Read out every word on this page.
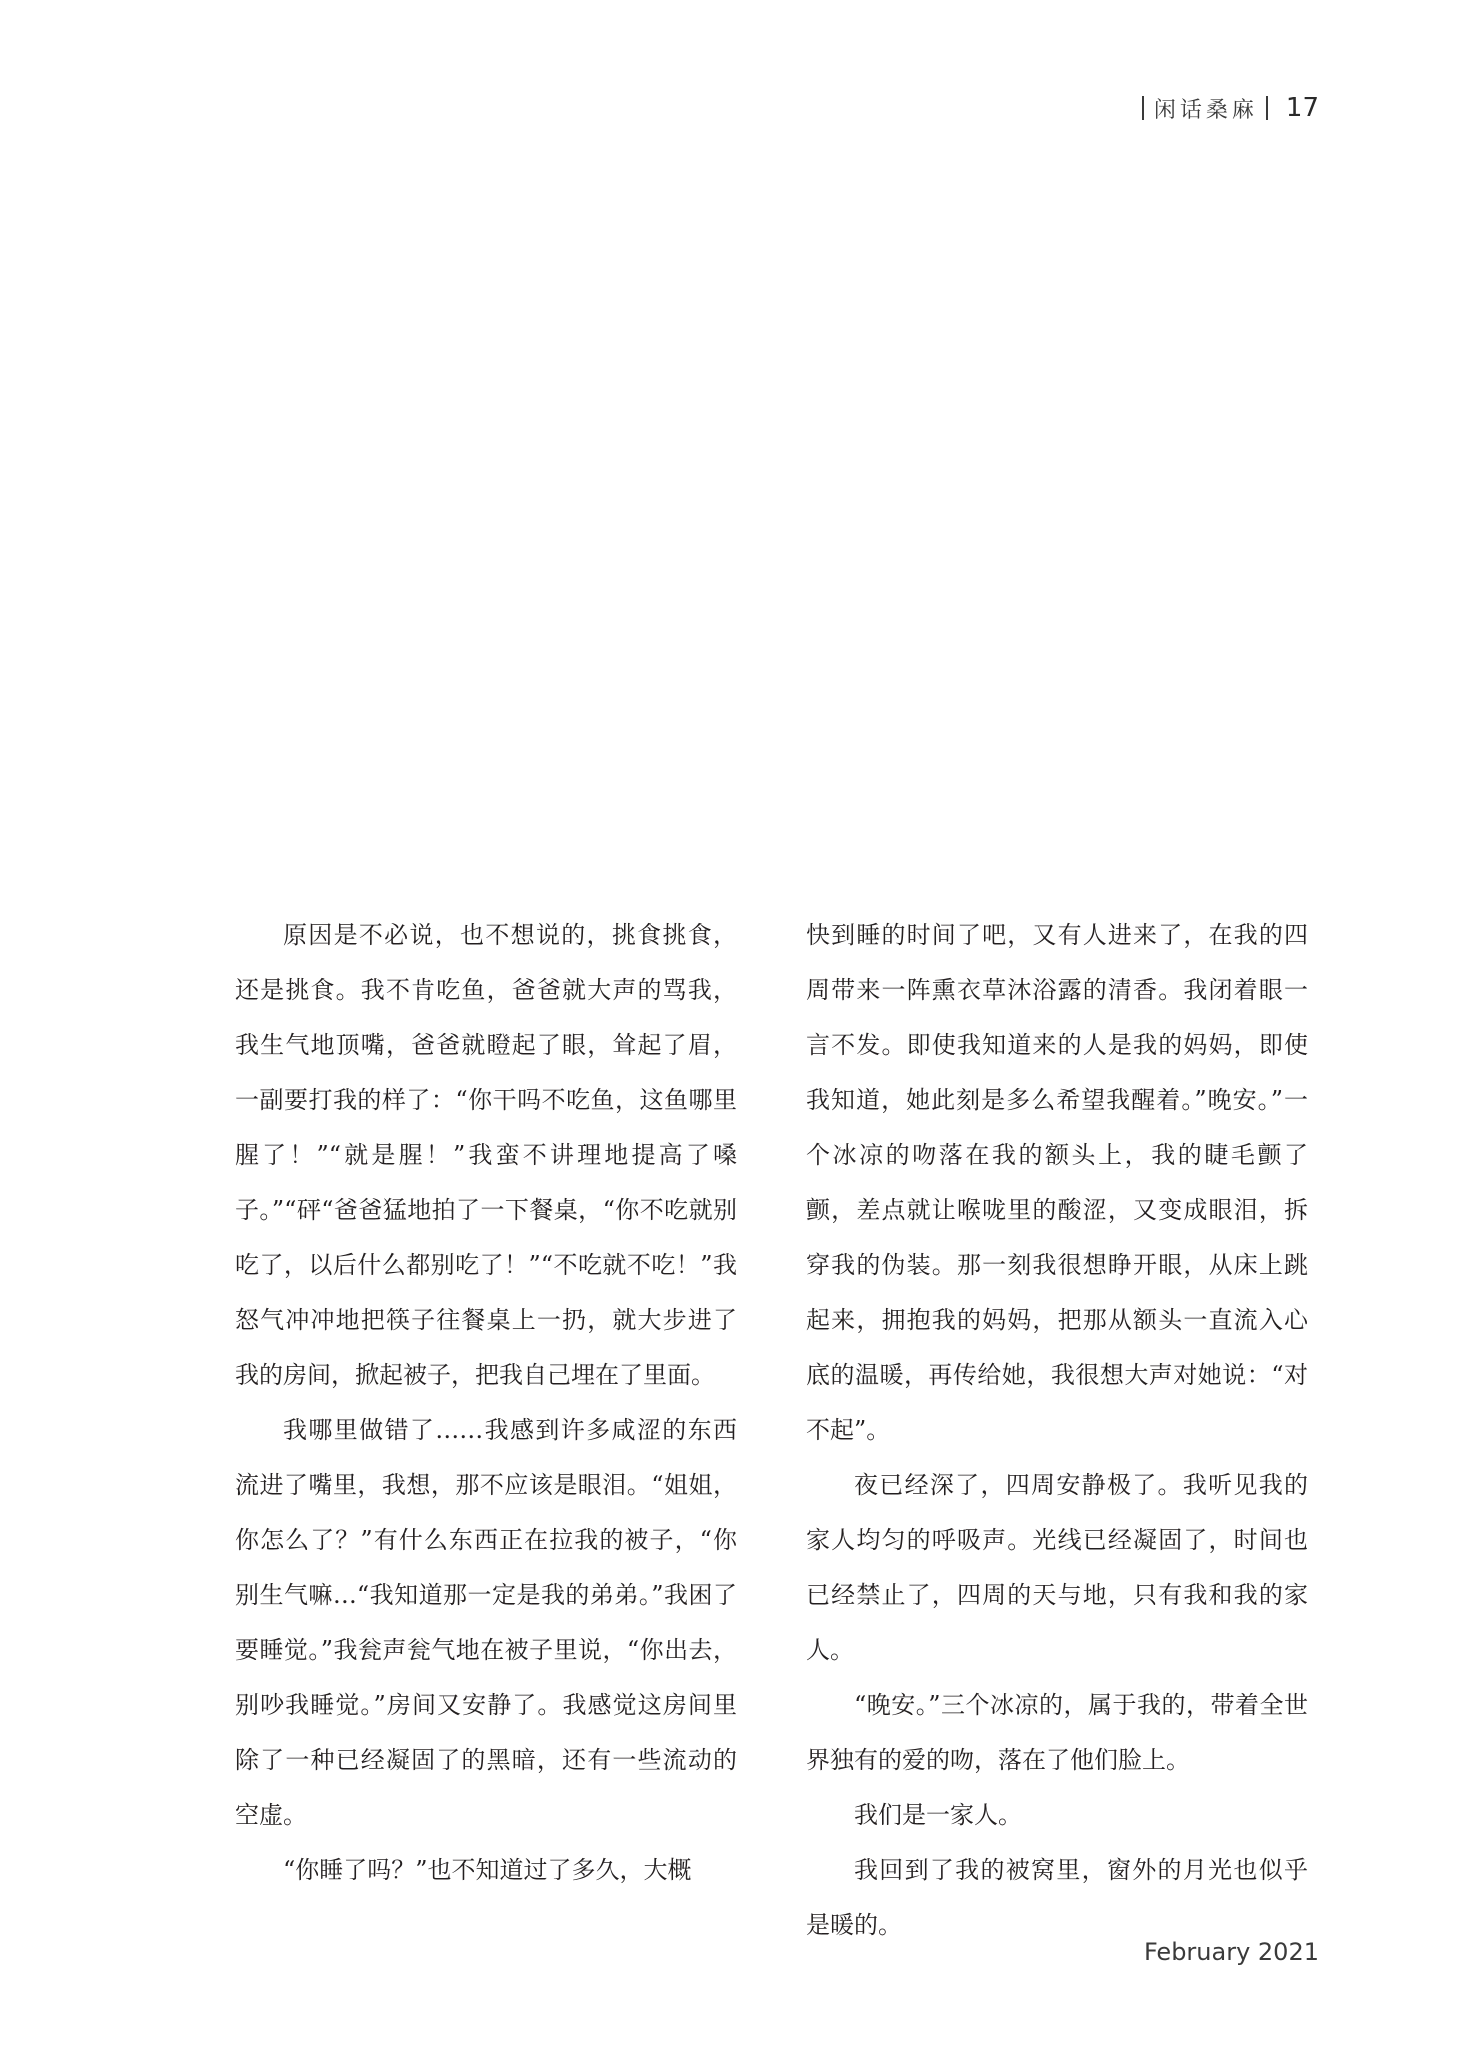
闲话桑麻 17

原因是不必说，也不想说的，挑食挑食，还是挑食。我不肯吃鱼，爸爸就大声的骂我，我生气地顶嘴，爸爸就瞪起了眼，耸起了眉，一副要打我的样了：“你干吗不吃鱼，这鱼哪里腥了！”“就是腥！”我蛮不讲理地提高了嗓子。”“砰“爸爸猛地拍了一下餐桌，“你不吃就别吃了，以后什么都别吃了！”“不吃就不吃！”我怒气冲冲地把筷子往餐桌上一扔，就大步进了我的房间，掀起被子，把我自己埋在了里面。

我哪里做错了……我感到许多咸涩的东西流进了嘴里，我想，那不应该是眼泪。“姐姐，你怎么了？”有什么东西正在拉我的被子，“你别生气嘛…“我知道那一定是我的弟弟。”我困了要睡觉。”我瓮声瓮气地在被子里说，“你出去，别吵我睡觉。”房间又安静了。我感觉这房间里除了一种已经凝固了的黑暗，还有一些流动的空虚。

“你睡了吗？”也不知道过了多久，大概

快到睡的时间了吧，又有人进来了，在我的四周带来一阵熏衣草沐浴露的清香。我闭着眼一言不发。即使我知道来的人是我的妈妈，即使我知道，她此刻是多么希望我醒着。”晚安。”一个冰凉的吻落在我的额头上，我的睫毛颤了颤，差点就让喉咙里的酸涩，又变成眼泪，拆穿我的伪装。那一刻我很想睁开眼，从床上跳起来，拥抱我的妈妈，把那从额头一直流入心底的温暖，再传给她，我很想大声对她说：“对不起”。

夜已经深了，四周安静极了。我听见我的家人均匀的呼吸声。光线已经凝固了，时间也已经禁止了，四周的天与地，只有我和我的家人。

“晚安。”三个冰凉的，属于我的，带着全世界独有的爱的吻，落在了他们脸上。

我们是一家人。

我回到了我的被窝里，窗外的月光也似乎是暖的。

February 2021
